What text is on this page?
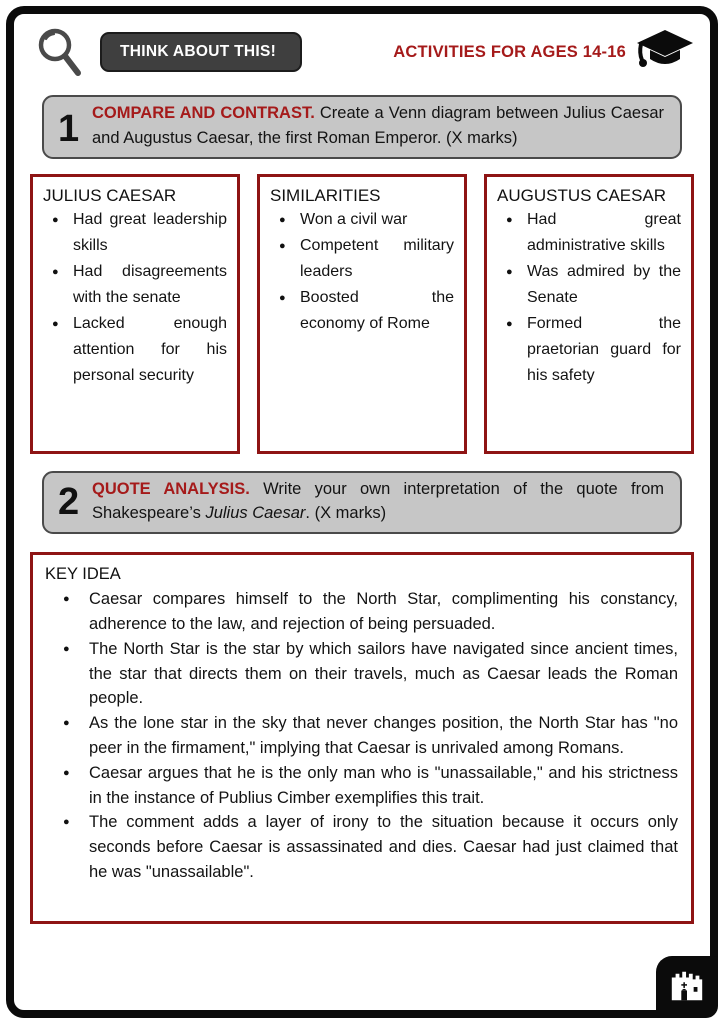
THINK ABOUT THIS!	ACTIVITIES FOR AGES 14-16
1 COMPARE AND CONTRAST. Create a Venn diagram between Julius Caesar and Augustus Caesar, the first Roman Emperor. (X marks)
JULIUS CAESAR
● Had great leadership skills
● Had disagreements with the senate
● Lacked enough attention for his personal security
SIMILARITIES
● Won a civil war
● Competent military leaders
● Boosted the economy of Rome
AUGUSTUS CAESAR
● Had great administrative skills
● Was admired by the Senate
● Formed the praetorian guard for his safety
2 QUOTE ANALYSIS. Write your own interpretation of the quote from Shakespeare’s Julius Caesar. (X marks)
KEY IDEA
●	Caesar compares himself to the North Star, complimenting his constancy, adherence to the law, and rejection of being persuaded.
●	The North Star is the star by which sailors have navigated since ancient times, the star that directs them on their travels, much as Caesar leads the Roman people.
●	As the lone star in the sky that never changes position, the North Star has "no peer in the firmament," implying that Caesar is unrivaled among Romans.
●	Caesar argues that he is the only man who is "unassailable," and his strictness in the instance of Publius Cimber exemplifies this trait.
●	The comment adds a layer of irony to the situation because it occurs only seconds before Caesar is assassinated and dies. Caesar had just claimed that he was "unassailable".
